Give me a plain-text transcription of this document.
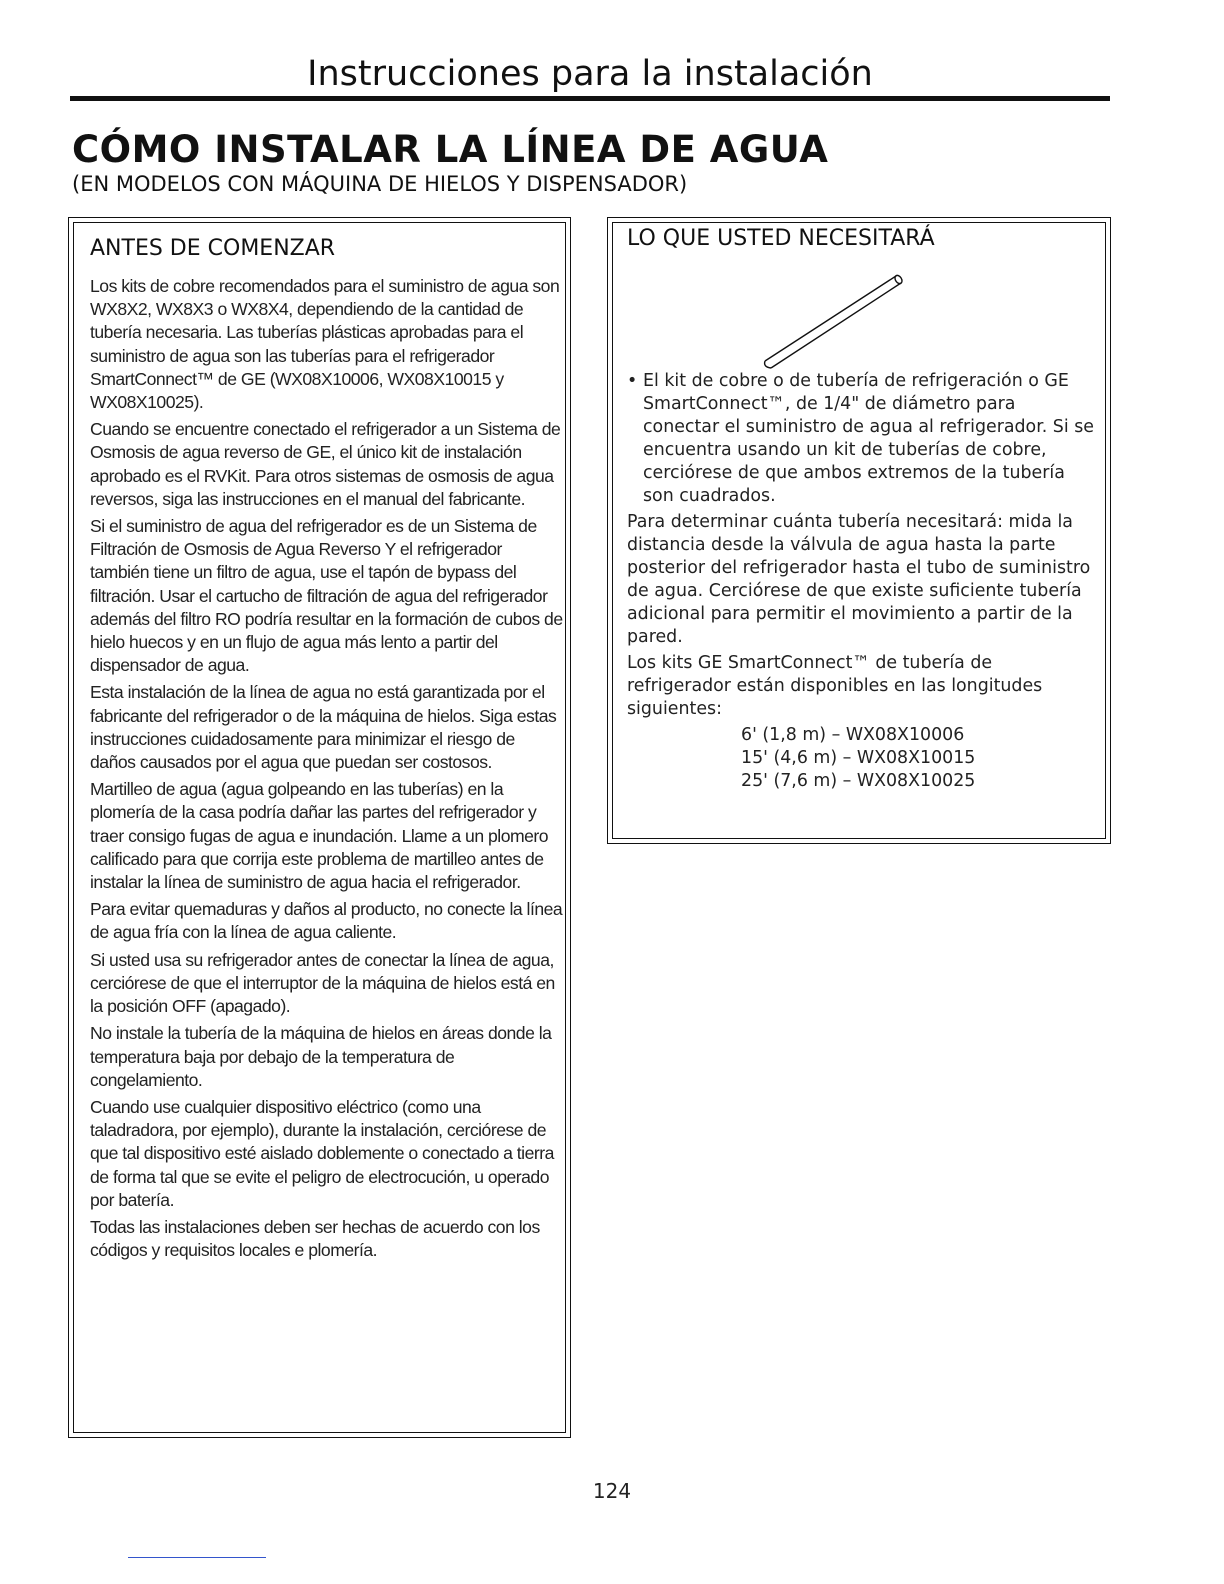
Instrucciones para la instalación
CÓMO INSTALAR LA LÍNEA DE AGUA
(EN MODELOS CON MÁQUINA DE HIELOS Y DISPENSADOR)
ANTES DE COMENZAR

Los kits de cobre recomendados para el suministro de agua son WX8X2, WX8X3 o WX8X4, dependiendo de la cantidad de tubería necesaria. Las tuberías plásticas aprobadas para el suministro de agua son las tuberías para el refrigerador SmartConnect™ de GE (WX08X10006, WX08X10015 y WX08X10025).

Cuando se encuentre conectado el refrigerador a un Sistema de Osmosis de agua reverso de GE, el único kit de instalación aprobado es el RVKit. Para otros sistemas de osmosis de agua reversos, siga las instrucciones en el manual del fabricante.

Si el suministro de agua del refrigerador es de un Sistema de Filtración de Osmosis de Agua Reverso Y el refrigerador también tiene un filtro de agua, use el tapón de bypass del filtración. Usar el cartucho de filtración de agua del refrigerador además del filtro RO podría resultar en la formación de cubos de hielo huecos y en un flujo de agua más lento a partir del dispensador de agua.

Esta instalación de la línea de agua no está garantizada por el fabricante del refrigerador o de la máquina de hielos. Siga estas instrucciones cuidadosamente para minimizar el riesgo de daños causados por el agua que puedan ser costosos.

Martilleo de agua (agua golpeando en las tuberías) en la plomería de la casa podría dañar las partes del refrigerador y traer consigo fugas de agua e inundación. Llame a un plomero calificado para que corrija este problema de martilleo antes de instalar la línea de suministro de agua hacia el refrigerador.

Para evitar quemaduras y daños al producto, no conecte la línea de agua fría con la línea de agua caliente.

Si usted usa su refrigerador antes de conectar la línea de agua, cerciórese de que el interruptor de la máquina de hielos está en la posición OFF (apagado).

No instale la tubería de la máquina de hielos en áreas donde la temperatura baja por debajo de la temperatura de congelamiento.

Cuando use cualquier dispositivo eléctrico (como una taladradora, por ejemplo), durante la instalación, cerciórese de que tal dispositivo esté aislado doblemente o conectado a tierra de forma tal que se evite el peligro de electrocución, u operado por batería.

Todas las instalaciones deben ser hechas de acuerdo con los códigos y requisitos locales e plomería.

LO QUE USTED NECESITARÁ
• El kit de cobre o de tubería de refrigeración o GE SmartConnect™, de 1/4" de diámetro para conectar el suministro de agua al refrigerador. Si se encuentra usando un kit de tuberías de cobre, cerciórese de que ambos extremos de la tubería son cuadrados.

Para determinar cuánta tubería necesitará: mida la distancia desde la válvula de agua hasta la parte posterior del refrigerador hasta el tubo de suministro de agua. Cerciórese de que existe suficiente tubería adicional para permitir el movimiento a partir de la pared.

Los kits GE SmartConnect™ de tubería de refrigerador están disponibles en las longitudes siguientes:

6' (1,8 m) – WX08X10006
15' (4,6 m) – WX08X10015
25' (7,6 m) – WX08X10025
124
